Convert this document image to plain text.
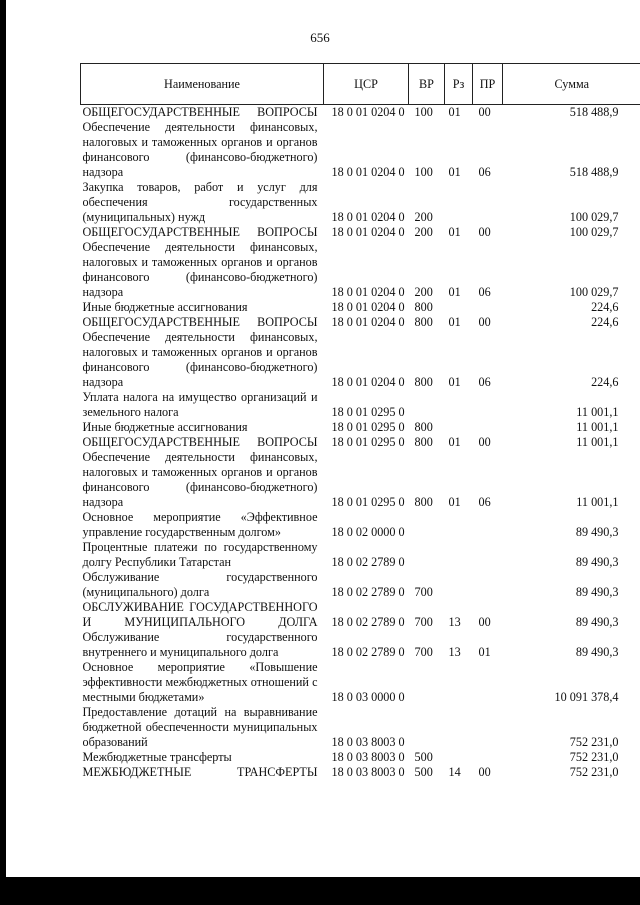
656
Наименование	ЦСР	ВР	Рз	ПР	Сумма
ОБЩЕГОСУДАРСТВЕННЫЕ ВОПРОСЫ	18 0 01 0204 0	100	01	00	518 488,9
Обеспечение деятельности финансовых, налоговых и таможенных органов и органов финансового (финансово-бюджетного) надзора	18 0 01 0204 0	100	01	06	518 488,9
Закупка товаров, работ и услуг для обеспечения государственных (муниципальных) нужд	18 0 01 0204 0	200			100 029,7
ОБЩЕГОСУДАРСТВЕННЫЕ ВОПРОСЫ	18 0 01 0204 0	200	01	00	100 029,7
Обеспечение деятельности финансовых, налоговых и таможенных органов и органов финансового (финансово-бюджетного) надзора	18 0 01 0204 0	200	01	06	100 029,7
Иные бюджетные ассигнования	18 0 01 0204 0	800			224,6
ОБЩЕГОСУДАРСТВЕННЫЕ ВОПРОСЫ	18 0 01 0204 0	800	01	00	224,6
Обеспечение деятельности финансовых, налоговых и таможенных органов и органов финансового (финансово-бюджетного) надзора	18 0 01 0204 0	800	01	06	224,6
Уплата налога на имущество организаций и земельного налога	18 0 01 0295 0				11 001,1
Иные бюджетные ассигнования	18 0 01 0295 0	800			11 001,1
ОБЩЕГОСУДАРСТВЕННЫЕ ВОПРОСЫ	18 0 01 0295 0	800	01	00	11 001,1
Обеспечение деятельности финансовых, налоговых и таможенных органов и органов финансового (финансово-бюджетного) надзора	18 0 01 0295 0	800	01	06	11 001,1
Основное мероприятие «Эффективное управление государственным долгом»	18 0 02 0000 0				89 490,3
Процентные платежи по государственному долгу Республики Татарстан	18 0 02 2789 0				89 490,3
Обслуживание государственного (муниципального) долга	18 0 02 2789 0	700			89 490,3
ОБСЛУЖИВАНИЕ ГОСУДАРСТВЕННОГО И МУНИЦИПАЛЬНОГО ДОЛГА	18 0 02 2789 0	700	13	00	89 490,3
Обслуживание государственного внутреннего и муниципального долга	18 0 02 2789 0	700	13	01	89 490,3
Основное мероприятие «Повышение эффективности межбюджетных отношений с местными бюджетами»	18 0 03 0000 0				10 091 378,4
Предоставление дотаций на выравнивание бюджетной обеспеченности муниципальных образований	18 0 03 8003 0				752 231,0
Межбюджетные трансферты	18 0 03 8003 0	500			752 231,0
МЕЖБЮДЖЕТНЫЕ ТРАНСФЕРТЫ	18 0 03 8003 0	500	14	00	752 231,0
